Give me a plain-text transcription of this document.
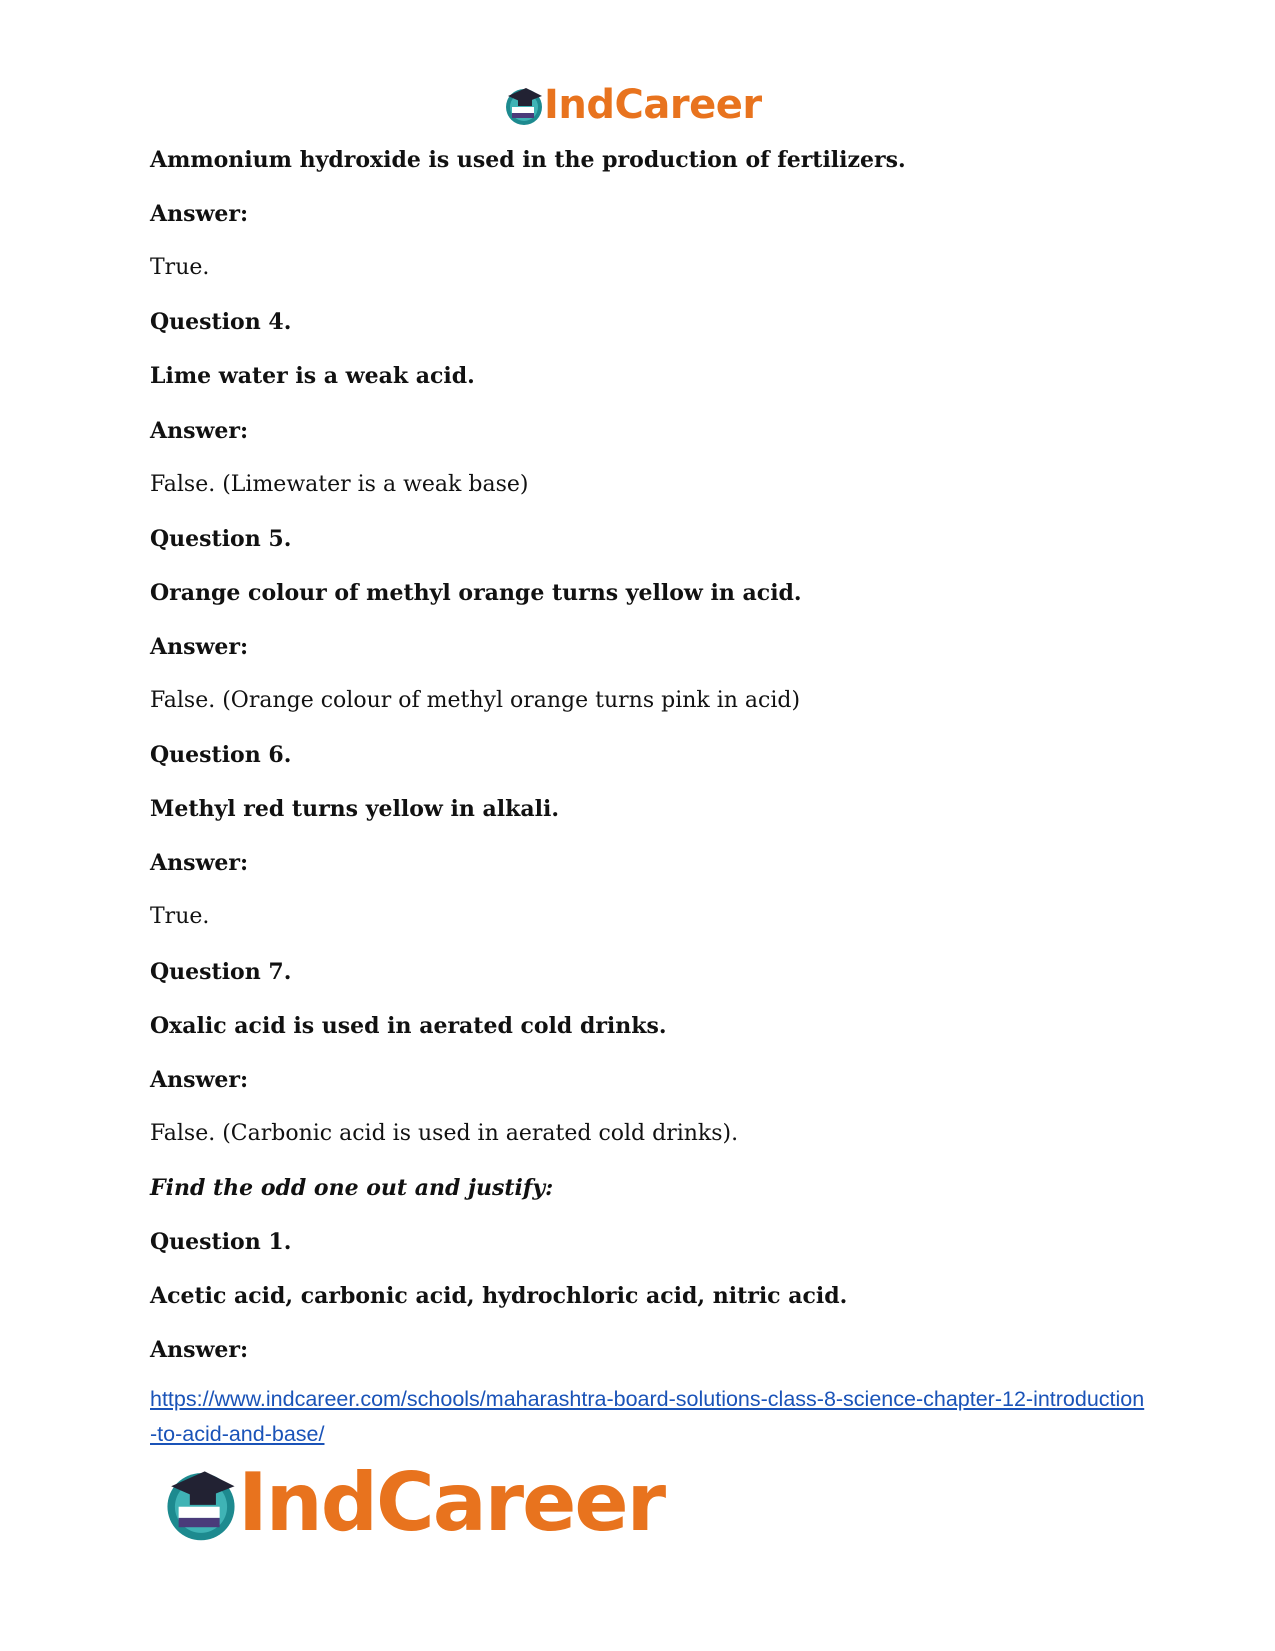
IndCareer
Ammonium hydroxide is used in the production of fertilizers.
Answer:
True.
Question 4.
Lime water is a weak acid.
Answer:
False. (Limewater is a weak base)
Question 5.
Orange colour of methyl orange turns yellow in acid.
Answer:
False. (Orange colour of methyl orange turns pink in acid)
Question 6.
Methyl red turns yellow in alkali.
Answer:
True.
Question 7.
Oxalic acid is used in aerated cold drinks.
Answer:
False. (Carbonic acid is used in aerated cold drinks).
Find the odd one out and justify:
Question 1.
Acetic acid, carbonic acid, hydrochloric acid, nitric acid.
Answer:
https://www.indcareer.com/schools/maharashtra-board-solutions-class-8-science-chapter-12-introduction-to-acid-and-base/
IndCareer
